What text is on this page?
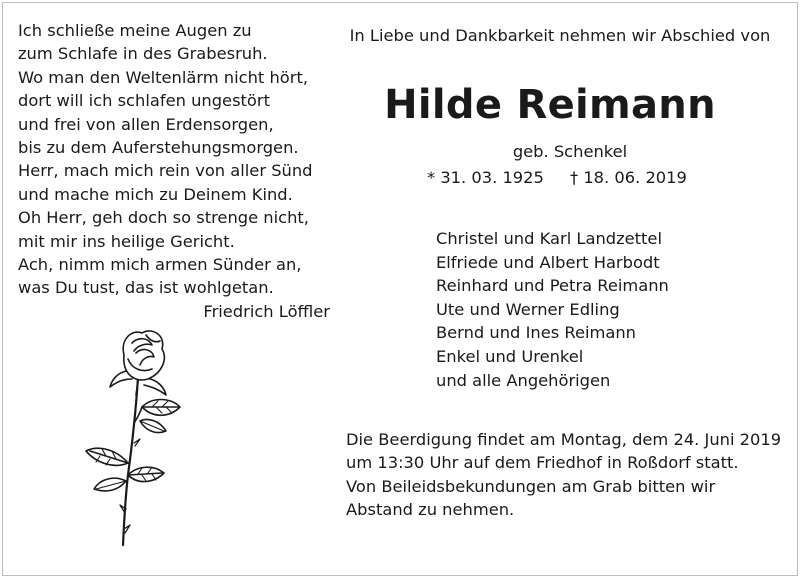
Ich schließe meine Augen zu
zum Schlafe in des Grabesruh.
Wo man den Weltenlärm nicht hört,
dort will ich schlafen ungestört
und frei von allen Erdensorgen,
bis zu dem Auferstehungsmorgen.
Herr, mach mich rein von aller Sünd
und mache mich zu Deinem Kind.
Oh Herr, geh doch so strenge nicht,
mit mir ins heilige Gericht.
Ach, nimm mich armen Sünder an,
was Du tust, das ist wohlgetan.
Friedrich Löffler
In Liebe und Dankbarkeit nehmen wir Abschied von
Hilde Reimann
geb. Schenkel
* 31. 03. 1925 † 18. 06. 2019
Christel und Karl Landzettel
Elfriede und Albert Harbodt
Reinhard und Petra Reimann
Ute und Werner Edling
Bernd und Ines Reimann
Enkel und Urenkel
und alle Angehörigen
Die Beerdigung findet am Montag, dem 24. Juni 2019
um 13:30 Uhr auf dem Friedhof in Roßdorf statt.
Von Beileidsbekundungen am Grab bitten wir
Abstand zu nehmen.
